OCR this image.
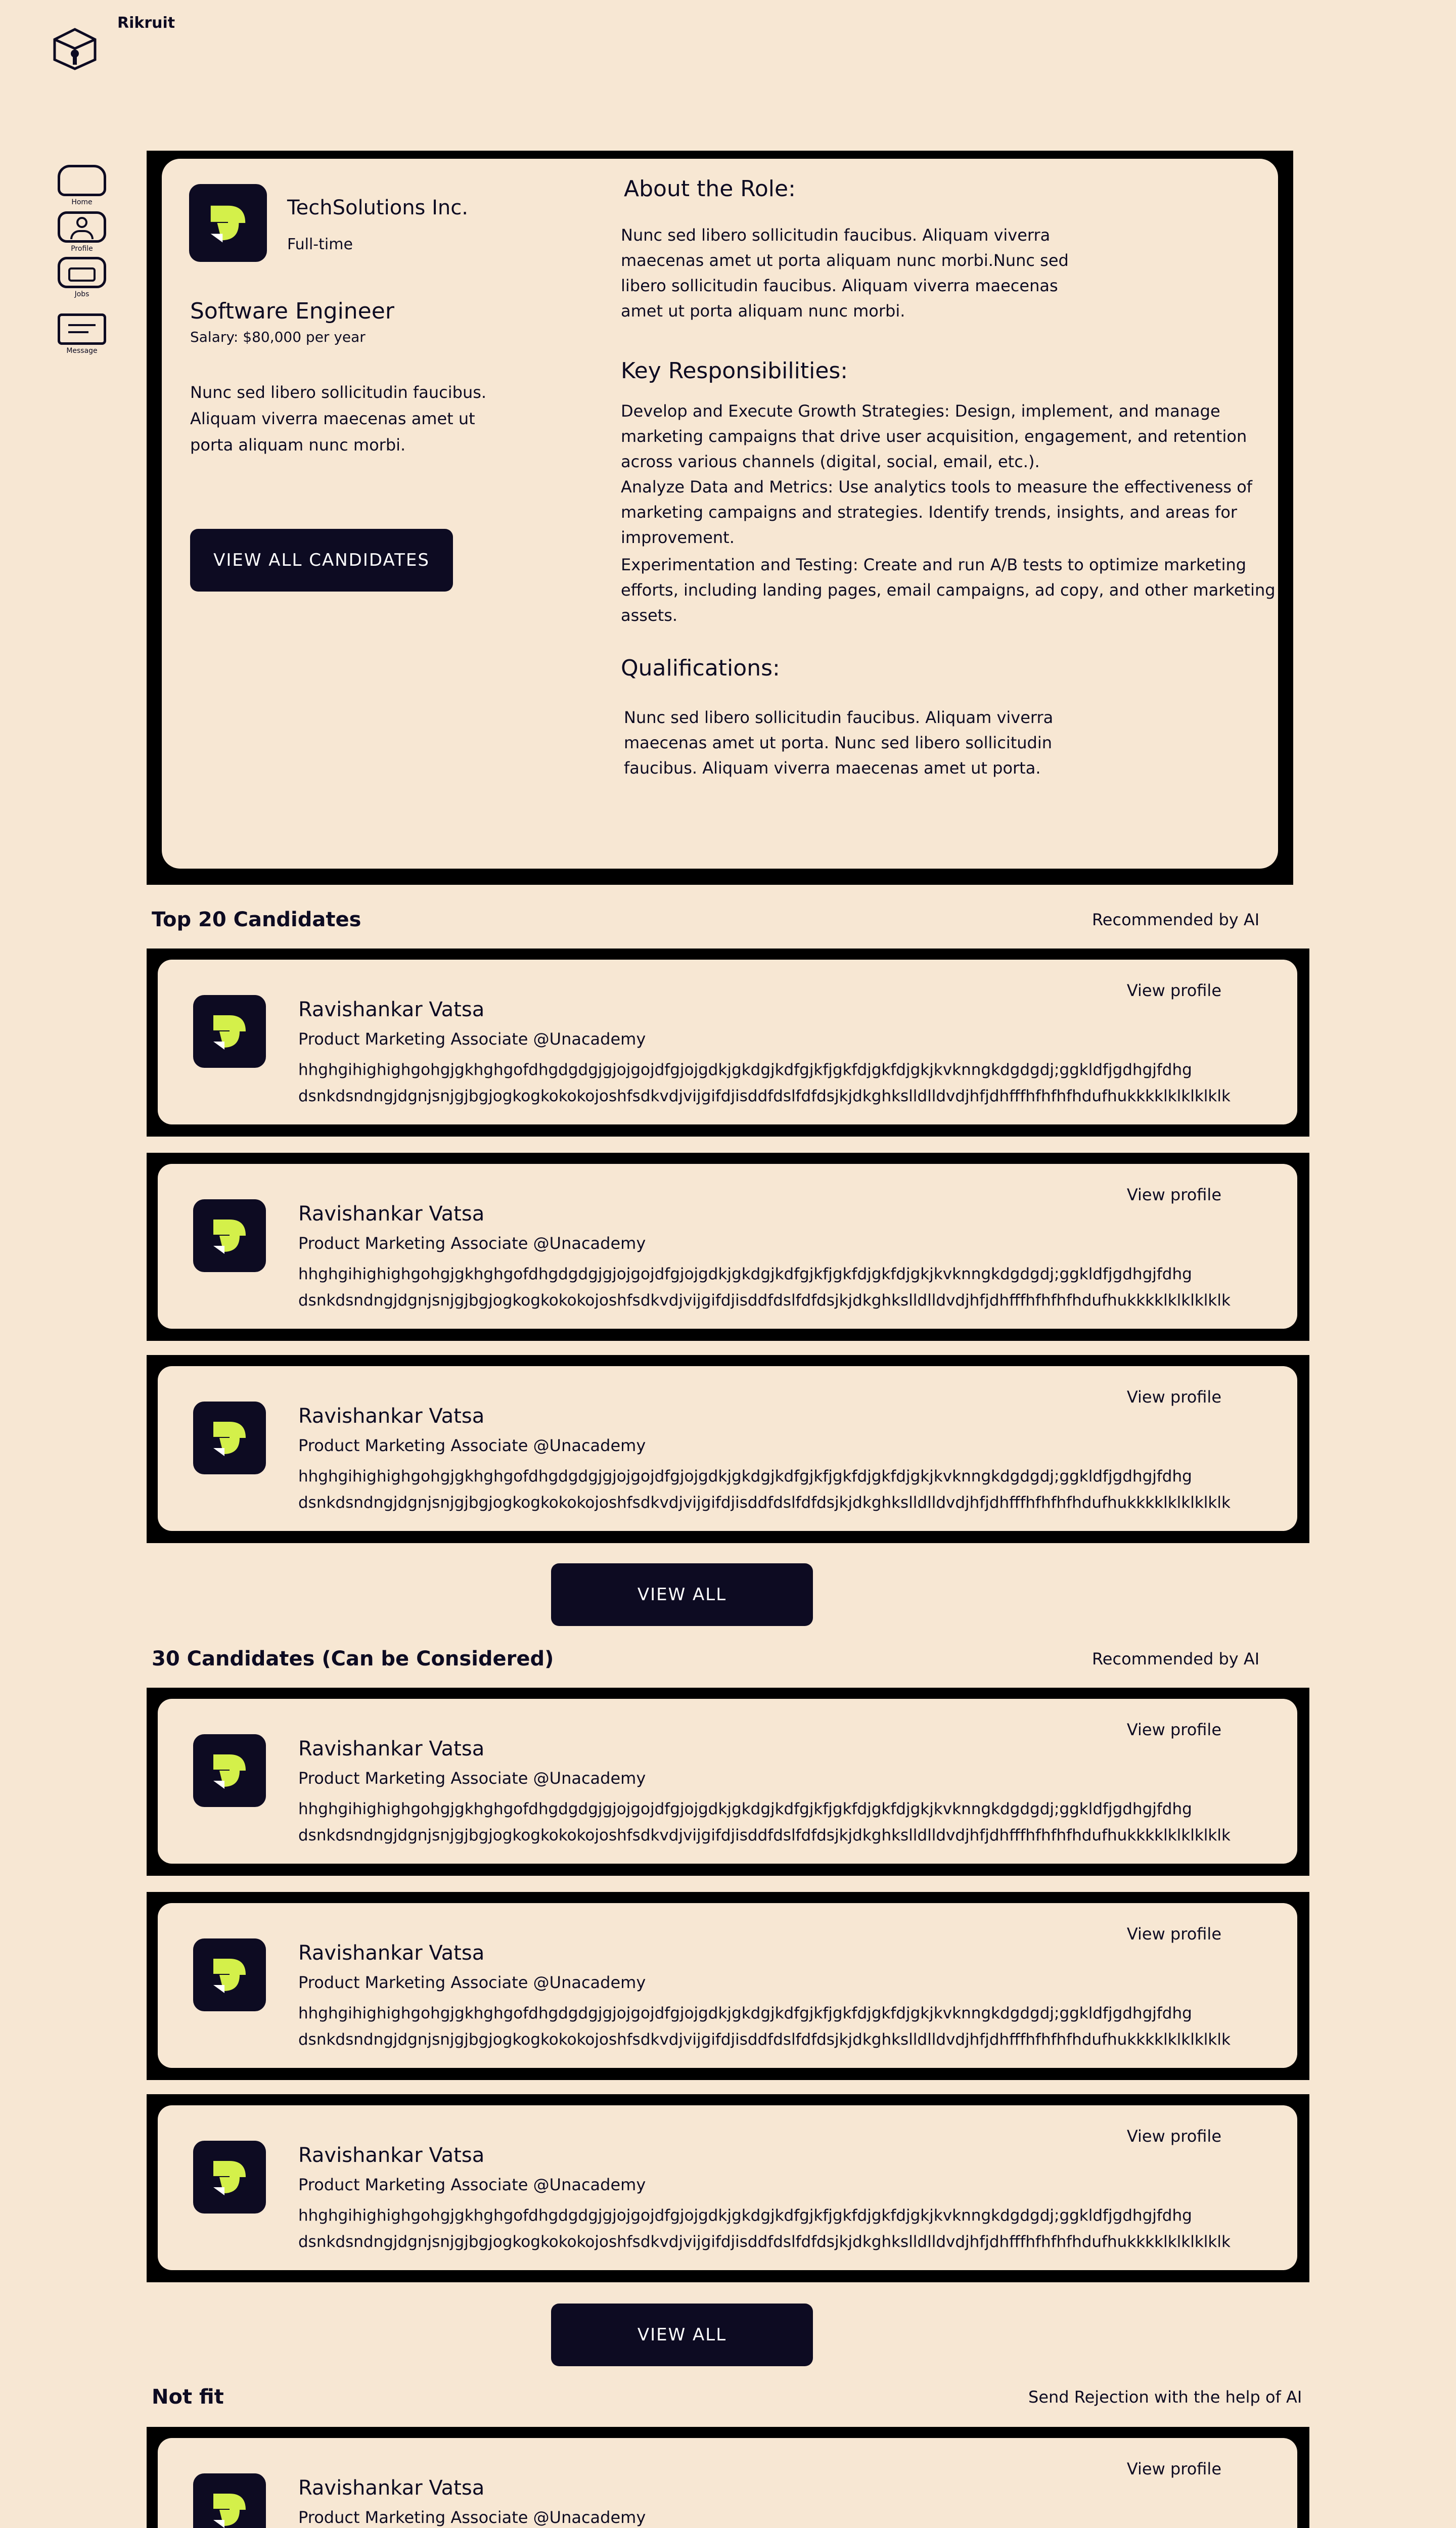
Rikruit
Home
Profile
Jobs
Message
TechSolutions Inc.
Full-time
Software Engineer
Salary: $80,000 per year
Nunc sed libero sollicitudin faucibus. Aliquam viverra maecenas amet ut porta aliquam nunc morbi.
VIEW ALL CANDIDATES
About the Role:
Nunc sed libero sollicitudin faucibus. Aliquam viverra maecenas amet ut porta aliquam nunc morbi.Nunc sed libero sollicitudin faucibus. Aliquam viverra maecenas amet ut porta aliquam nunc morbi.
Key Responsibilities:
Develop and Execute Growth Strategies: Design, implement, and manage marketing campaigns that drive user acquisition, engagement, and retention across various channels (digital, social, email, etc.).
Analyze Data and Metrics: Use analytics tools to measure the effectiveness of marketing campaigns and strategies. Identify trends, insights, and areas for improvement.
Experimentation and Testing: Create and run A/B tests to optimize marketing efforts, including landing pages, email campaigns, ad copy, and other marketing assets.
Qualifications:
Nunc sed libero sollicitudin faucibus. Aliquam viverra maecenas amet ut porta. Nunc sed libero sollicitudin faucibus. Aliquam viverra maecenas amet ut porta.
Top 20 Candidates	Recommended by AI
Ravishankar Vatsa
Product Marketing Associate @Unacademy
hhghgihighighgohgjgkhghgofdhgdgdgjgjojgojdfgjojgdkjgkdgjkdfgjkfjgkfdjgkfdjgkjkvknngkdgdgdj;ggkldfjgdhgjfdhg
dsnkdsndngjdgnjsnjgjbgjogkogkokokojoshfsdkvdjvijgifdjisddfdslfdfdsjkjdkghkslldlldvdjhfjdhfffhfhfhfhdufhukkkklklklklklk
View profile
Ravishankar Vatsa
Product Marketing Associate @Unacademy
hhghgihighighgohgjgkhghgofdhgdgdgjgjojgojdfgjojgdkjgkdgjkdfgjkfjgkfdjgkfdjgkjkvknngkdgdgdj;ggkldfjgdhgjfdhg
dsnkdsndngjdgnjsnjgjbgjogkogkokokojoshfsdkvdjvijgifdjisddfdslfdfdsjkjdkghkslldlldvdjhfjdhfffhfhfhfhdufhukkkklklklklklk
View profile
Ravishankar Vatsa
Product Marketing Associate @Unacademy
hhghgihighighgohgjgkhghgofdhgdgdgjgjojgojdfgjojgdkjgkdgjkdfgjkfjgkfdjgkfdjgkjkvknngkdgdgdj;ggkldfjgdhgjfdhg
dsnkdsndngjdgnjsnjgjbgjogkogkokokojoshfsdkvdjvijgifdjisddfdslfdfdsjkjdkghkslldlldvdjhfjdhfffhfhfhfhdufhukkkklklklklklk
View profile
VIEW ALL
30 Candidates (Can be Considered)	Recommended by AI
Ravishankar Vatsa
Product Marketing Associate @Unacademy
hhghgihighighgohgjgkhghgofdhgdgdgjgjojgojdfgjojgdkjgkdgjkdfgjkfjgkfdjgkfdjgkjkvknngkdgdgdj;ggkldfjgdhgjfdhg
dsnkdsndngjdgnjsnjgjbgjogkogkokokojoshfsdkvdjvijgifdjisddfdslfdfdsjkjdkghkslldlldvdjhfjdhfffhfhfhfhdufhukkkklklklklklk
View profile
Ravishankar Vatsa
Product Marketing Associate @Unacademy
hhghgihighighgohgjgkhghgofdhgdgdgjgjojgojdfgjojgdkjgkdgjkdfgjkfjgkfdjgkfdjgkjkvknngkdgdgdj;ggkldfjgdhgjfdhg
dsnkdsndngjdgnjsnjgjbgjogkogkokokojoshfsdkvdjvijgifdjisddfdslfdfdsjkjdkghkslldlldvdjhfjdhfffhfhfhfhdufhukkkklklklklklk
View profile
Ravishankar Vatsa
Product Marketing Associate @Unacademy
hhghgihighighgohgjgkhghgofdhgdgdgjgjojgojdfgjojgdkjgkdgjkdfgjkfjgkfdjgkfdjgkjkvknngkdgdgdj;ggkldfjgdhgjfdhg
dsnkdsndngjdgnjsnjgjbgjogkogkokokojoshfsdkvdjvijgifdjisddfdslfdfdsjkjdkghkslldlldvdjhfjdhfffhfhfhfhdufhukkkklklklklklk
View profile
VIEW ALL
Not fit	Send Rejection with the help of AI
Ravishankar Vatsa
Product Marketing Associate @Unacademy
View profile
